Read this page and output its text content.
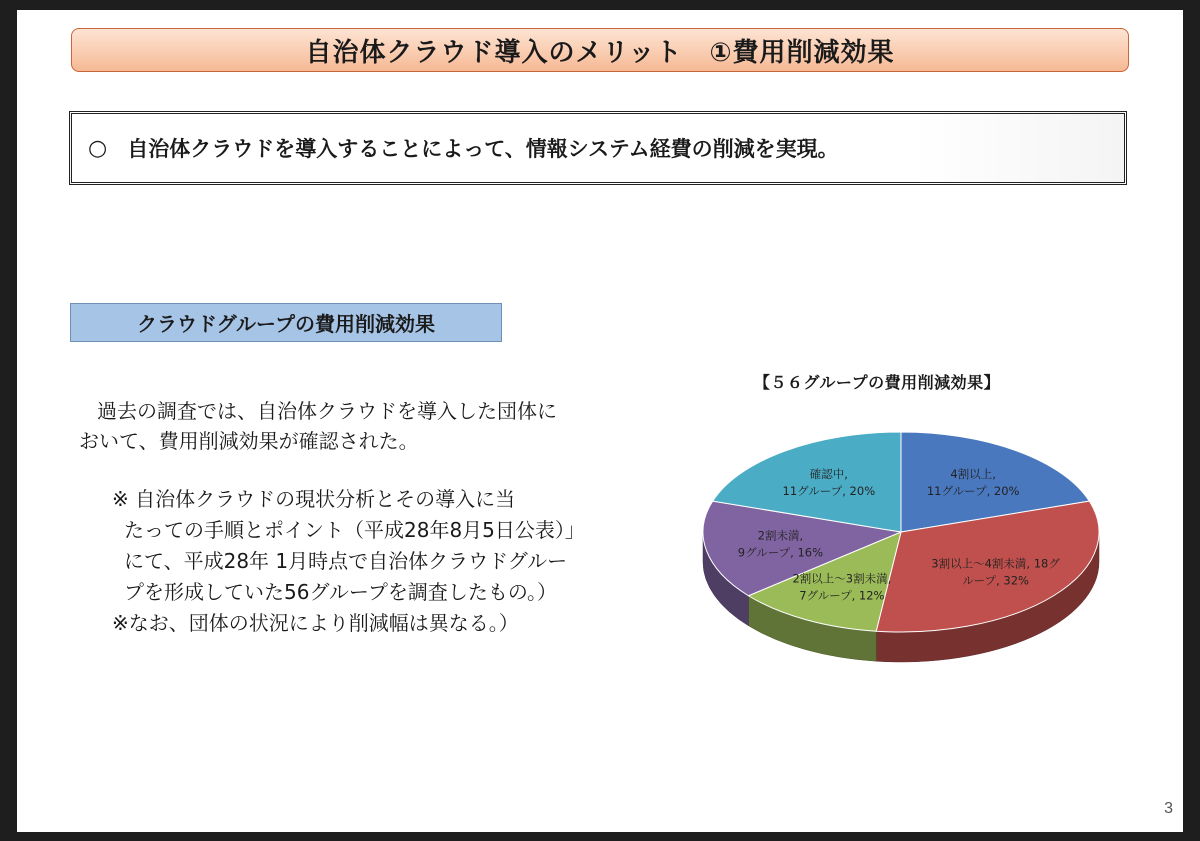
自治体クラウド導入のメリット　①費用削減効果
○ 自治体クラウドを導入することによって、情報システム経費の削減を実現。
クラウドグループの費用削減効果

過去の調査では、自治体クラウドを導入した団体に

おいて、費用削減効果が確認された。

※ 自治体クラウドの現状分析とその導入に当

たっての手順とポイント（平成28年8月5日公表）」

にて、平成28年 1月時点で自治体クラウドグルー

プを形成していた56グループを調査したもの。）

※なお、団体の状況により削減幅は異なる。）

【５６グループの費用削減効果】
4割以上, 11グループ, 20%
3割以上～4割未満, 18グループ, 32%
2割以上～3割未満, 7グループ, 12%
2割未満, 9グループ, 16%
確認中, 11グループ, 20%
3
